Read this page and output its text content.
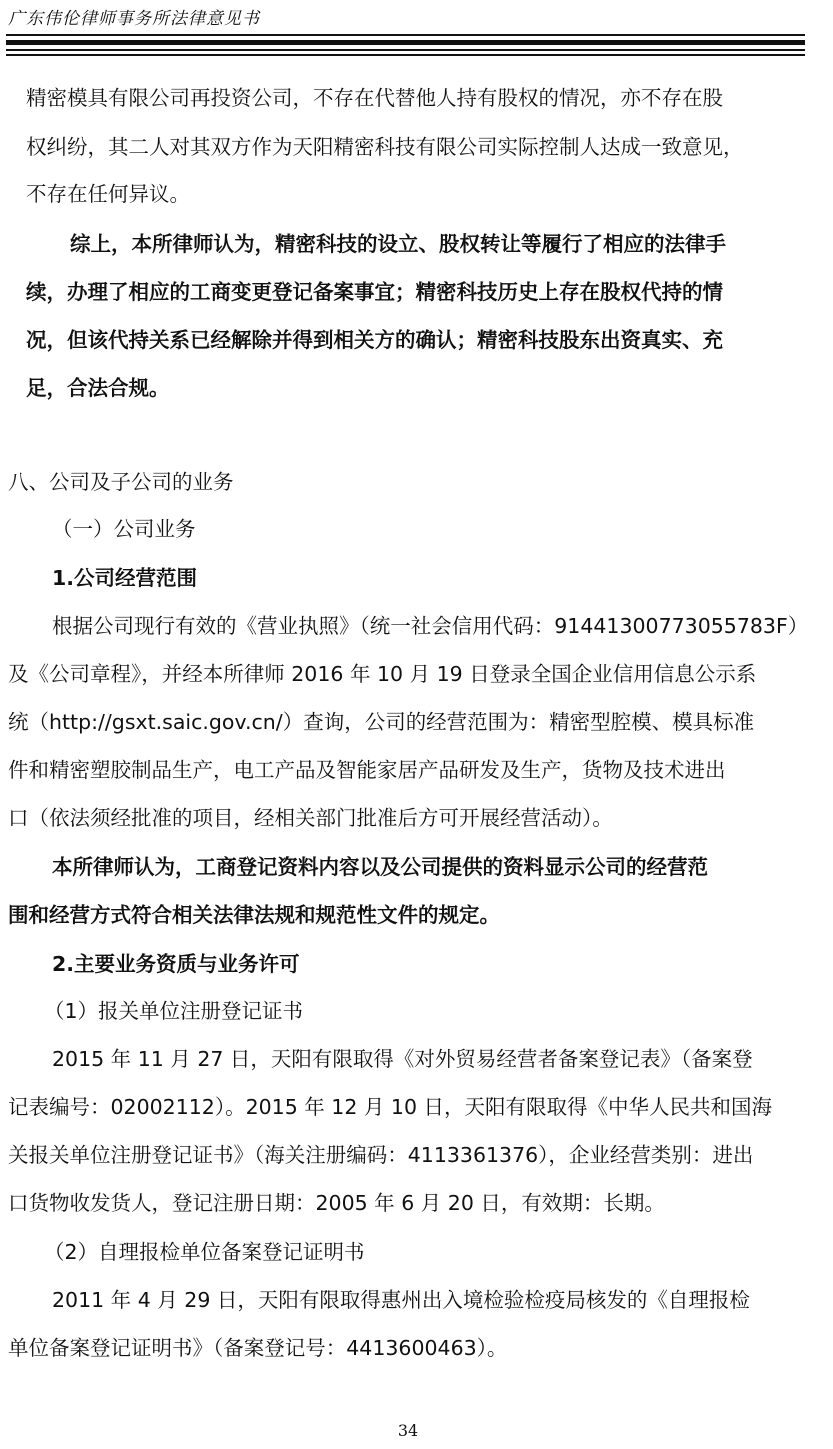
广东伟伦律师事务所法律意见书
精密模具有限公司再投资公司，不存在代替他人持有股权的情况，亦不存在股
权纠纷，其二人对其双方作为天阳精密科技有限公司实际控制人达成一致意见，
不存在任何异议。
综上，本所律师认为，精密科技的设立、股权转让等履行了相应的法律手
续，办理了相应的工商变更登记备案事宜；精密科技历史上存在股权代持的情
况，但该代持关系已经解除并得到相关方的确认；精密科技股东出资真实、充
足，合法合规。
八、公司及子公司的业务
（一）公司业务
1.公司经营范围
根据公司现行有效的《营业执照》（统一社会信用代码：91441300773055783F）
及《公司章程》，并经本所律师 2016 年 10 月 19 日登录全国企业信用信息公示系
统（http://gsxt.saic.gov.cn/）查询，公司的经营范围为：精密型腔模、模具标准
件和精密塑胶制品生产，电工产品及智能家居产品研发及生产，货物及技术进出
口（依法须经批准的项目，经相关部门批准后方可开展经营活动）。
本所律师认为，工商登记资料内容以及公司提供的资料显示公司的经营范
围和经营方式符合相关法律法规和规范性文件的规定。
2.主要业务资质与业务许可
（1）报关单位注册登记证书
2015 年 11 月 27 日，天阳有限取得《对外贸易经营者备案登记表》（备案登
记表编号：02002112）。2015 年 12 月 10 日，天阳有限取得《中华人民共和国海
关报关单位注册登记证书》（海关注册编码：4113361376），企业经营类别：进出
口货物收发货人，登记注册日期：2005 年 6 月 20 日，有效期：长期。
（2）自理报检单位备案登记证明书
2011 年 4 月 29 日，天阳有限取得惠州出入境检验检疫局核发的《自理报检
单位备案登记证明书》（备案登记号：4413600463）。
34
